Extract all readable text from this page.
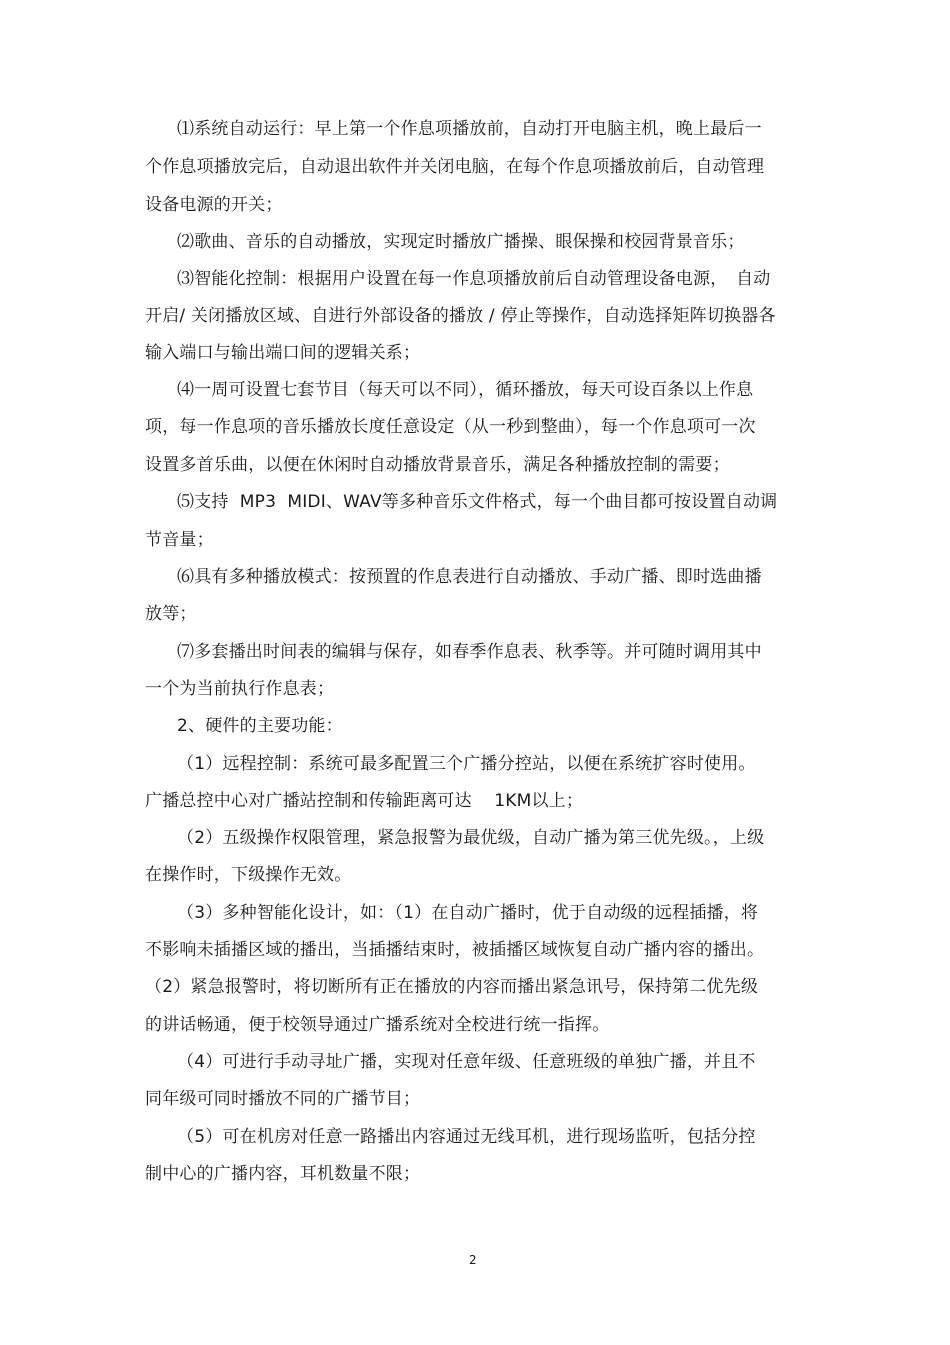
⑴系统自动运行：早上第一个作息项播放前，自动打开电脑主机，晚上最后一
个作息项播放完后，自动退出软件并关闭电脑，在每个作息项播放前后，自动管理
设备电源的开关；
⑵歌曲、音乐的自动播放，实现定时播放广播操、眼保操和校园背景音乐；
⑶智能化控制：根据用户设置在每一作息项播放前后自动管理设备电源，　自动
开启/ 关闭播放区域、自进行外部设备的播放 / 停止等操作，自动选择矩阵切换器各
输入端口与输出端口间的逻辑关系；
⑷一周可设置七套节目（每天可以不同），循环播放，每天可设百条以上作息
项，每一作息项的音乐播放长度任意设定（从一秒到整曲），每一个作息项可一次
设置多首乐曲，以便在休闲时自动播放背景音乐，满足各种播放控制的需要；
⑸支持  MP3  MIDI、WAV等多种音乐文件格式，每一个曲目都可按设置自动调
节音量；
⑹具有多种播放模式：按预置的作息表进行自动播放、手动广播、即时选曲播
放等；
⑺多套播出时间表的编辑与保存，如春季作息表、秋季等。并可随时调用其中
一个为当前执行作息表；
2、硬件的主要功能：
（1）远程控制：系统可最多配置三个广播分控站，以便在系统扩容时使用。
广播总控中心对广播站控制和传输距离可达    1KM以上；
（2）五级操作权限管理，紧急报警为最优级，自动广播为第三优先级。，上级
在操作时，下级操作无效。
（3）多种智能化设计，如：（1）在自动广播时，优于自动级的远程插播，将
不影响未插播区域的播出，当插播结束时，被插播区域恢复自动广播内容的播出。
（2）紧急报警时，将切断所有正在播放的内容而播出紧急讯号，保持第二优先级
的讲话畅通，便于校领导通过广播系统对全校进行统一指挥。
（4）可进行手动寻址广播，实现对任意年级、任意班级的单独广播，并且不
同年级可同时播放不同的广播节目；
（5）可在机房对任意一路播出内容通过无线耳机，进行现场监听，包括分控
制中心的广播内容，耳机数量不限；
2
